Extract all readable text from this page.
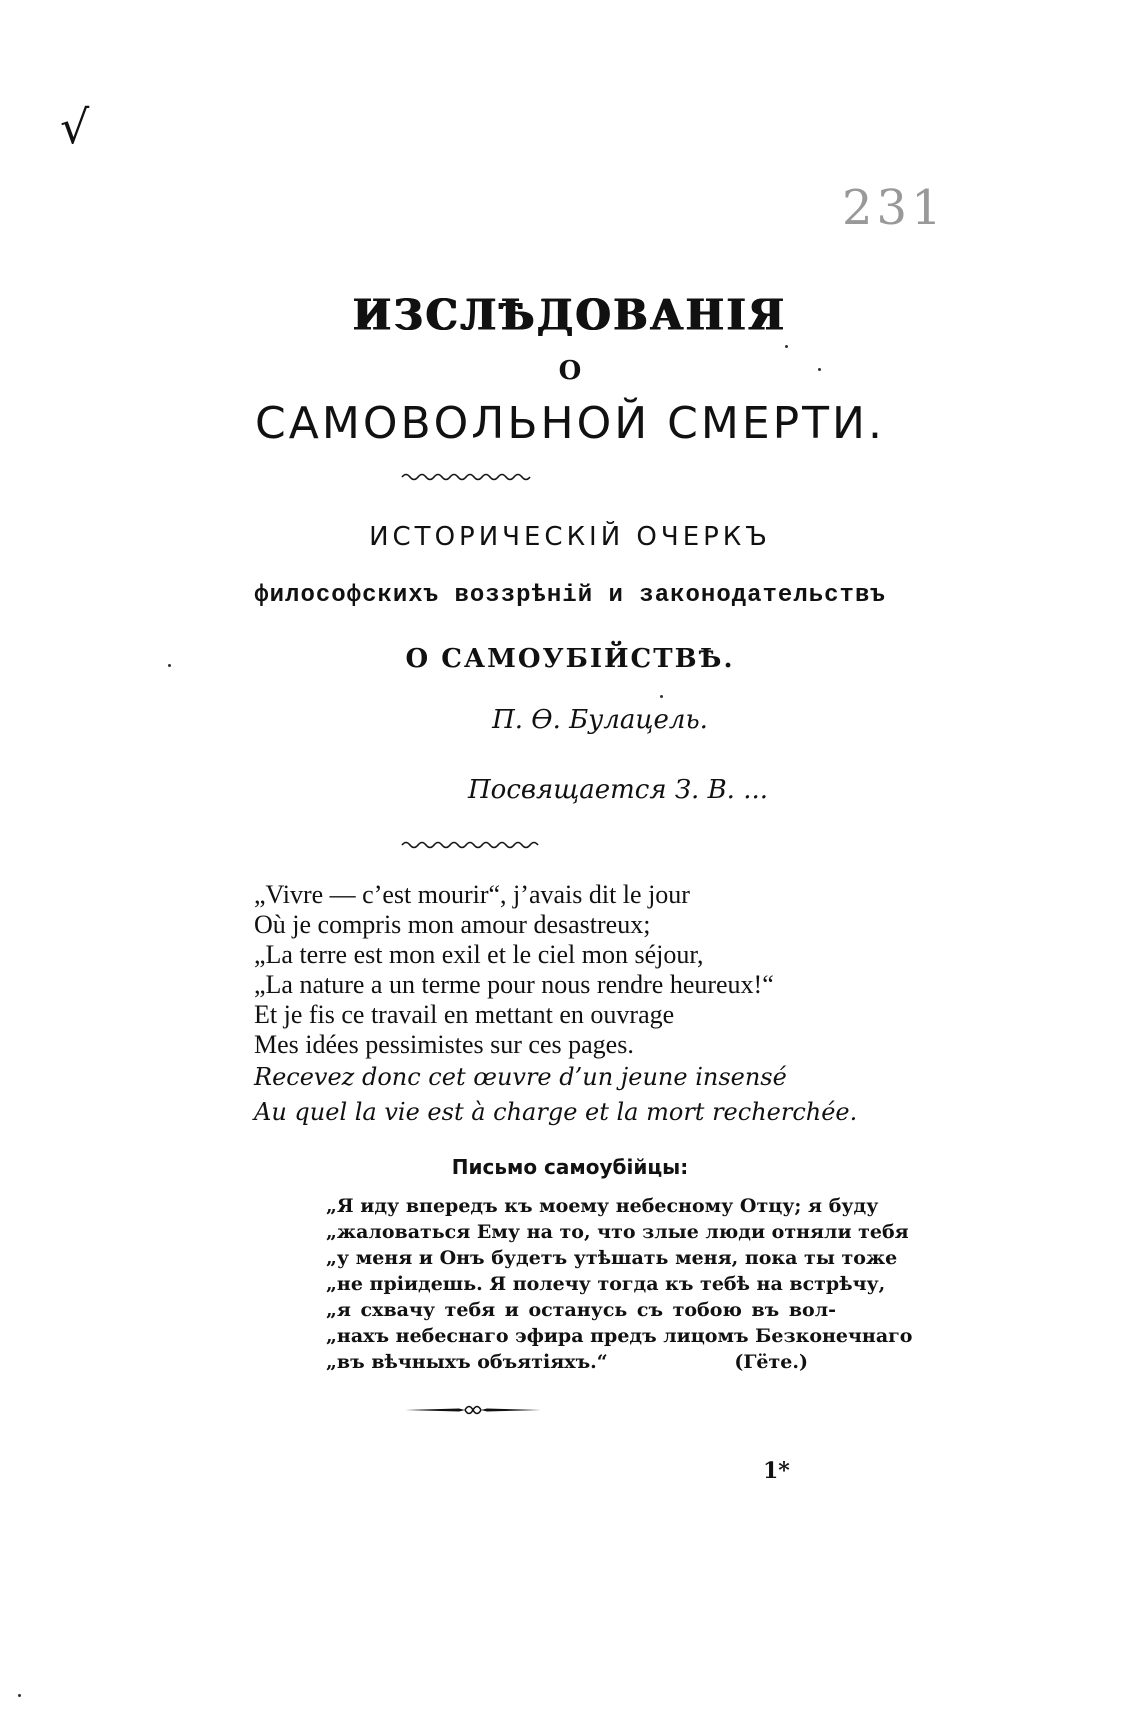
√
231
ИЗСЛѢДОВАНІЯ
О
САМОВОЛЬНОЙ СМЕРТИ.
ИСТОРИЧЕСКІЙ ОЧЕРКЪ
философскихъ воззрѣній и законодательствъ
О САМОУБІЙСТВѢ.
П. Ѳ. Булацель.
Посвящается З. В. ...
„Vivre — c’est mourir“, j’avais dit le jour
Où je compris mon amour desastreux;
„La terre est mon exil et le ciel mon séjour,
„La nature a un terme pour nous rendre heureux!“
Et je fis ce travail en mettant en ouvrage
Mes idées pessimistes sur ces pages.
Recevez donc cet œuvre d’un jeune insensé
Au quel la vie est à charge et la mort recherchée.
Письмо самоубійцы:
„Я иду впередъ къ моему небесному Отцу; я буду
„жаловаться Ему на то, что злые люди отняли тебя
„у меня и Онъ будетъ утѣшать меня, пока ты тоже
„не пріидешь. Я полечу тогда къ тебѣ на встрѣчу,
„я схвачу тебя и останусь съ тобою въ вол-
„нахъ небеснаго эфира предъ лицомъ Безконечнаго
„въ вѣчныхъ объятіяхъ.“	(Гёте.)
1*
